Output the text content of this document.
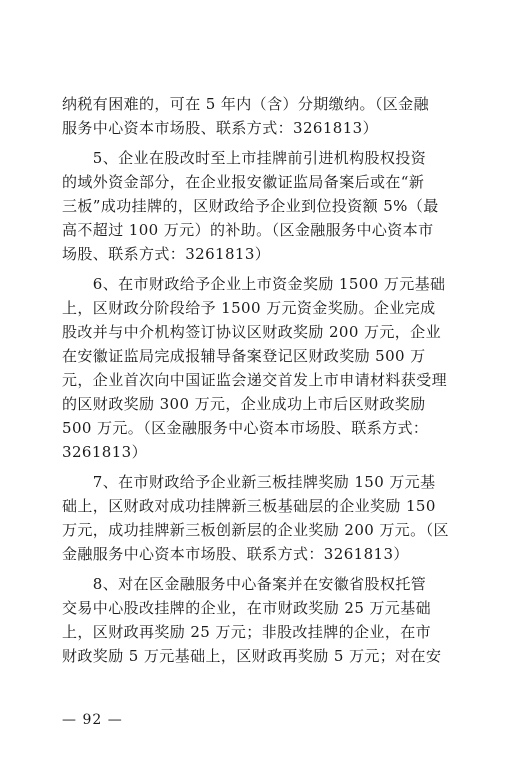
纳税有困难的，可在 5 年内（含）分期缴纳。（区金融
服务中心资本市场股、联系方式：3261813）

　　5、企业在股改时至上市挂牌前引进机构股权投资
的域外资金部分，在企业报安徽证监局备案后或在“新
三板”成功挂牌的，区财政给予企业到位投资额 5%（最
高不超过 100 万元）的补助。（区金融服务中心资本市
场股、联系方式：3261813）

　　6、在市财政给予企业上市资金奖励 1500 万元基础
上，区财政分阶段给予 1500 万元资金奖励。企业完成
股改并与中介机构签订协议区财政奖励 200 万元，企业
在安徽证监局完成报辅导备案登记区财政奖励 500 万
元，企业首次向中国证监会递交首发上市申请材料获受理
的区财政奖励 300 万元，企业成功上市后区财政奖励
500 万元。（区金融服务中心资本市场股、联系方式：
3261813）

　　7、在市财政给予企业新三板挂牌奖励 150 万元基
础上，区财政对成功挂牌新三板基础层的企业奖励 150
万元，成功挂牌新三板创新层的企业奖励 200 万元。（区
金融服务中心资本市场股、联系方式：3261813）

　　8、对在区金融服务中心备案并在安徽省股权托管
交易中心股改挂牌的企业，在市财政奖励 25 万元基础
上，区财政再奖励 25 万元；非股改挂牌的企业，在市
财政奖励 5 万元基础上，区财政再奖励 5 万元；对在安

— 92 —
